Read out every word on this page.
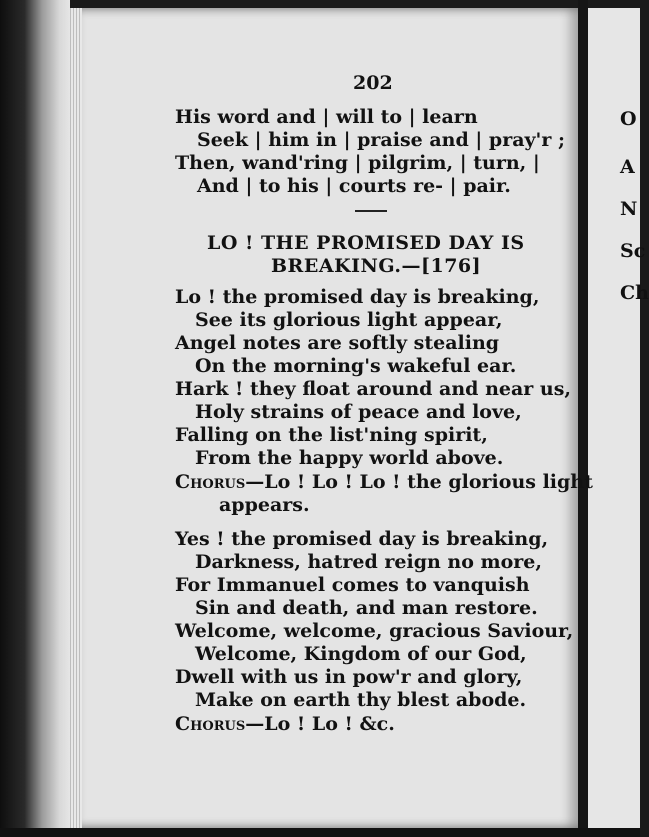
O
A
N
Sc
Ch
202
His word and | will to | learn
Seek | him in | praise and | pray'r ;
Then, wand'ring | pilgrim, | turn, |
And | to his | courts re- | pair.
LO ! THE PROMISED DAY IS
BREAKING.—[176]
Lo ! the promised day is breaking,
See its glorious light appear,
Angel notes are softly stealing
On the morning's wakeful ear.
Hark ! they float around and near us,
Holy strains of peace and love,
Falling on the list'ning spirit,
From the happy world above.
Chorus—Lo ! Lo ! Lo ! the glorious light
appears.
Yes ! the promised day is breaking,
Darkness, hatred reign no more,
For Immanuel comes to vanquish
Sin and death, and man restore.
Welcome, welcome, gracious Saviour,
Welcome, Kingdom of our God,
Dwell with us in pow'r and glory,
Make on earth thy blest abode.
Chorus—Lo ! Lo ! &c.
